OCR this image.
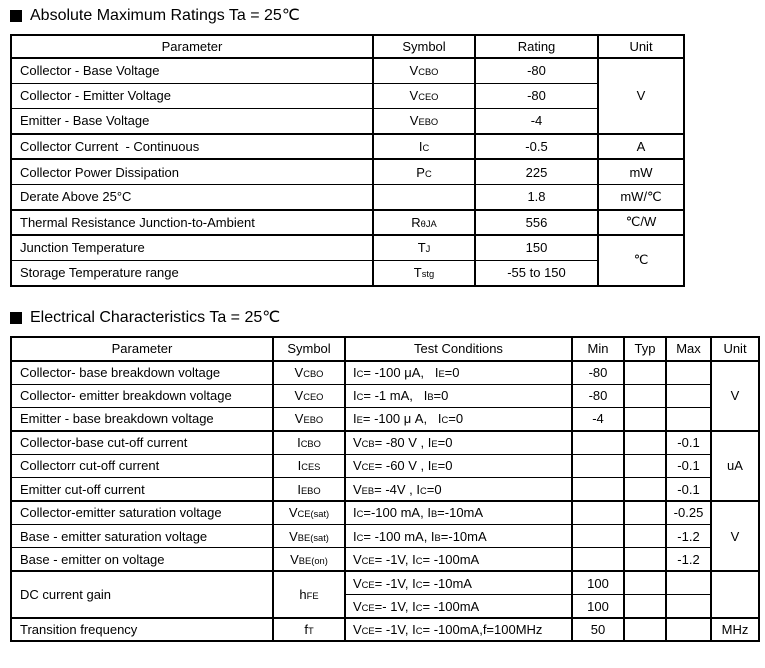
Absolute Maximum Ratings Ta = 25℃
Parameter	Symbol	Rating	Unit
Collector - Base Voltage	VCBO	-80	V
Collector - Emitter Voltage	VCEO	-80	
Emitter - Base Voltage	VEBO	-4	
Collector Current  - Continuous	IC	-0.5	A
Collector Power Dissipation	PC	225	mW
Derate Above 25°C		1.8	mW/℃
Thermal Resistance Junction-to-Ambient	RθJA	556	℃/W
Junction Temperature	TJ	150	℃
Storage Temperature range	Tstg	-55 to 150	
Electrical Characteristics Ta = 25℃
Parameter	Symbol	Test Conditions	Min	Typ	Max	Unit
Collector- base breakdown voltage	VCBO	IC= -100 μA,   IE=0	-80			V
Collector- emitter breakdown voltage	VCEO	IC= -1 mA,   IB=0	-80			
Emitter - base breakdown voltage	VEBO	IE= -100 μ A,   IC=0	-4			
Collector-base cut-off current	ICBO	VCB= -80 V , IE=0			-0.1	uA
Collectorr cut-off current	ICES	VCE= -60 V , IE=0			-0.1	
Emitter cut-off current	IEBO	VEB= -4V , IC=0			-0.1	
Collector-emitter saturation voltage	VCE(sat)	IC=-100 mA, IB=-10mA			-0.25	V
Base - emitter saturation voltage	VBE(sat)	IC= -100 mA, IB=-10mA			-1.2	
Base - emitter on voltage	VBE(on)	VCE= -1V, IC= -100mA			-1.2	
DC current gain	hFE	VCE= -1V, IC= -10mA	100			
		VCE=- 1V, IC= -100mA	100			
Transition frequency	fT	VCE= -1V, IC= -100mA,f=100MHz	50			MHz
